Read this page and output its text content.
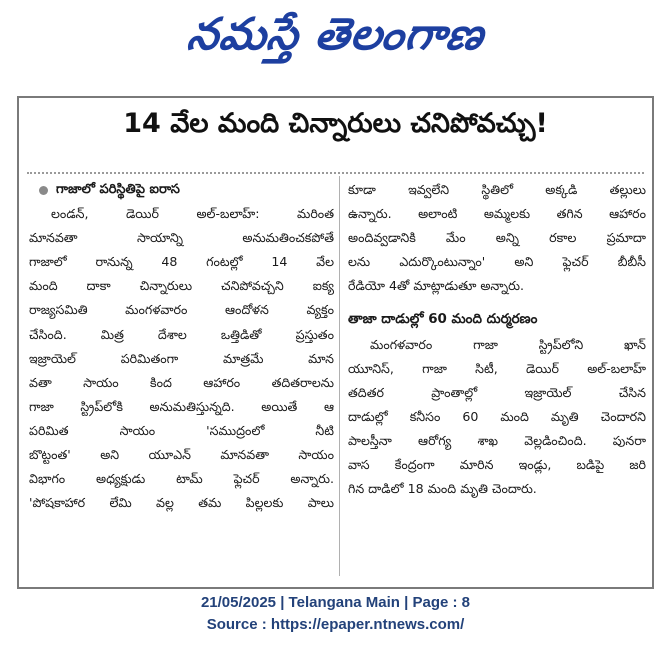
నమస్తే తెలంగాణ
14 వేల మంది చిన్నారులు చనిపోవచ్చు!
గాజాలో పరిస్థితిపై ఐరాస
లండన్, డెయిర్ అల్-బలాహ్: మరింత
మానవతా సాయాన్ని అనుమతించకపోతే
గాజాలో రానున్న 48 గంటల్లో 14 వేల
మంది దాకా చిన్నారులు చనిపోవచ్చని ఐక్య
రాజ్యసమితి మంగళవారం ఆందోళన వ్యక్తం
చేసింది. మిత్ర దేశాల ఒత్తిడితో ప్రస్తుతం
ఇజ్రాయెల్ పరిమితంగా మాత్రమే మాన
వతా సాయం కింద ఆహారం తదితరాలను
గాజా స్ట్రిప్‌లోకి అనుమతిస్తున్నది. అయితే ఆ
పరిమిత సాయం 'సముద్రంలో నీటి
బొట్టంత' అని యూఎన్ మానవతా సాయం
విభాగం అధ్యక్షుడు టామ్ ఫ్లెచర్ అన్నారు.
'పోషకాహార లేమి వల్ల తమ పిల్లలకు పాలు
కూడా ఇవ్వలేని స్థితిలో అక్కడి తల్లులు
ఉన్నారు. అలాంటి అమ్మలకు తగిన ఆహారం
అందివ్వడానికి మేం అన్ని రకాల ప్రమాదా
లను ఎదుర్కొంటున్నాం' అని ఫ్లెచర్ బీబీసీ
రేడియో 4తో మాట్లాడుతూ అన్నారు.
తాజా దాడుల్లో 60 మంది దుర్మరణం
మంగళవారం గాజా స్ట్రిప్‌లోని ఖాన్
యూనిస్, గాజా సిటీ, డెయిర్ అల్-బలాహ్
తదితర ప్రాంతాల్లో ఇజ్రాయెల్ చేసిన
దాడుల్లో కనీసం 60 మంది మృతి చెందారని
పాలస్తీనా ఆరోగ్య శాఖ వెల్లడించింది. పునరా
వాస కేంద్రంగా మారిన ఇండ్లు, బడిపై జరి
గిన దాడిలో 18 మంది మృతి చెందారు.
21/05/2025 | Telangana Main | Page : 8
Source : https://epaper.ntnews.com/
